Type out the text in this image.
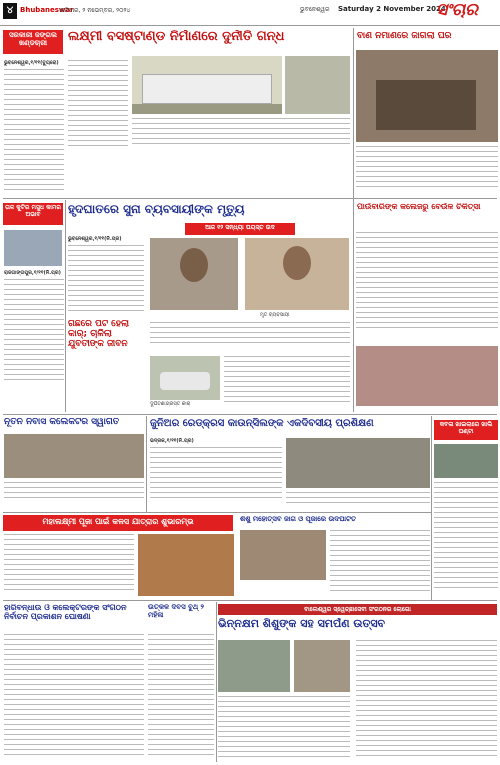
୪ Bhubaneswar
ଶନିବାର, ୨ ନଭେମ୍ବର, ୨୦୨୪	ଭୁବନେଶ୍ୱର Saturday 2 November 2024
ସଂଚାର
ସରକାରୀ ଜଙ୍ଗଲ ଖଣ୍ଡଚାରୀ	ଲକ୍ଷ୍ମୀ ବସଷ୍ଟାଣ୍ଡ ନିର୍ମାଣରେ ଦୁର୍ନୀତି ଗନ୍ଧ	ବାଣ ନିର୍ମାଣରେ ଜାଗିଲା ଘର
ଭୁବନେଶ୍ୱର,୧/୧୧(ବ୍ୟୁରୋ)
ତାଳ କୁଟିର ମସୁଧ କାମର ଅଭାବ	ହୃଦଘାତରେ ସୁନା ବ୍ୟବସାୟୀଙ୍କ ମୃତ୍ୟୁ
ଆଜ ୧୨ ସନ୍ଧ୍ୟା ଘୟସ୍ତ ଉଦ
ପାଉଁବାରିଙ୍କ କଲେଜରୁ ବେଉଁଳ ଚିକିତ୍ସା
ରାଜଗାଙ୍ଗପୁର,୧/୧୧(ନି.ପ୍ର)
ଭୁବନେଶ୍ୱର,୧/୧୧(ନି.ପ୍ର)
ମୃତ ବ୍ୟବସାୟୀ
ଗଛରେ ପିଟି ହେଲା କାର୍; ଚାଳିଲା ଯୁବତୀଙ୍କ ଜୀବନ
ଦୁର୍ଘଟଣାଗ୍ରସ୍ତ କାର୍
ନୂତନ ନିବାସ କଲେକଟର ସ୍ୱାଗତ	ଜୁନିଅର ରେଡ୍‌କ୍ରସ କାଉନ୍‌ସିଲଙ୍କ ଏକଦିବସୀୟ ପ୍ରଶିକ୍ଷଣ
ଭଦ୍ରକ,୧/୧୧(ନି.ପ୍ର)
କବଳା ଖାଇଲାରେ ଖାଲି ଘଣ୍ଟା
ମହାଲକ୍ଷ୍ମୀ ପୂଜା ପାଇଁ କଳସ ଯାତ୍ରାର ଶୁଭାରମ୍ଭ	ଶିଶୁ ମହୋତ୍ସବ ଜାଗ ଓ ପୂଜାରେ ଉଦଘାଟିତ
ହାରିବନ୍ଧାଉ ଓ କଲେକ୍ଟରଙ୍କ ସଂଗଠନ ନିର୍ବାଚନ ପ୍ରକାଶନ ଘୋଷଣା
ଉତ୍କଳ ଦିବସ ବୁଥ୍ ୨ ମହିଳା
ବାଲେଶ୍ୱର ସ୍ୱେଚ୍ଛାସେବୀ ସଂଗଠନର ଲୋଗୋ
ଭିନ୍ନକ୍ଷମ ଶିଶୁଙ୍କ ସହ ସମର୍ପଣ ଉତ୍ସବ
